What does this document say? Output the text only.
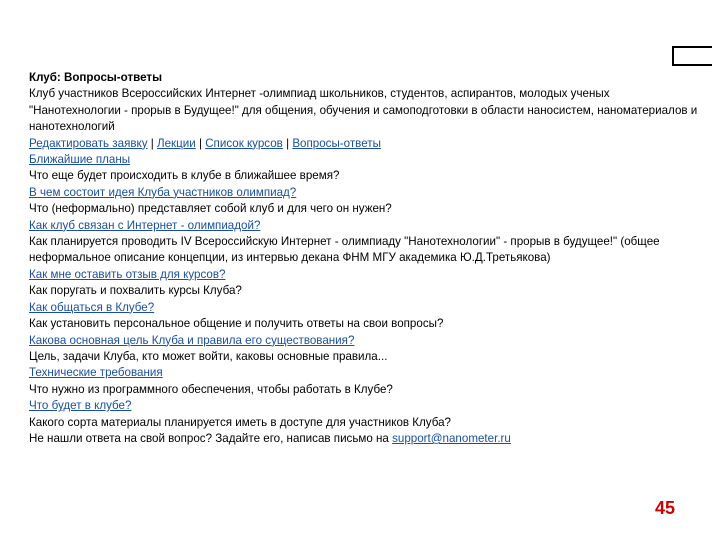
Клуб: Вопросы-ответы
Клуб участников Всероссийских Интернет -олимпиад школьников, студентов, аспирантов, молодых ученых "Нанотехнологии - прорыв в Будущее!" для общения, обучения и самоподготовки в области наносистем, наноматериалов и нанотехнологий
Редактировать заявку | Лекции | Список курсов | Вопросы-ответы
Ближайшие планы
Что еще будет происходить в клубе в ближайшее время?
В чем состоит идея Клуба участников олимпиад?
Что (неформально) представляет собой клуб и для чего он нужен?
Как клуб связан с Интернет - олимпиадой?
Как планируется проводить IV Всероссийскую Интернет - олимпиаду "Нанотехнологии" - прорыв в будущее!" (общее неформальное описание концепции, из интервью декана ФНМ МГУ академика Ю.Д.Третьякова)
Как мне оставить отзыв для курсов?
Как поругать и похвалить курсы Клуба?
Как общаться в Клубе?
Как установить персональное общение и получить ответы на свои вопросы?
Какова основная цель Клуба и правила его существования?
Цель, задачи Клуба, кто может войти, каковы основные правила...
Технические требования
Что нужно из программного обеспечения, чтобы работать в Клубе?
Что будет в клубе?
Какого сорта материалы планируется иметь в доступе для участников Клуба?
Не нашли ответа на свой вопрос? Задайте его, написав письмо на support@nanometer.ru
45
